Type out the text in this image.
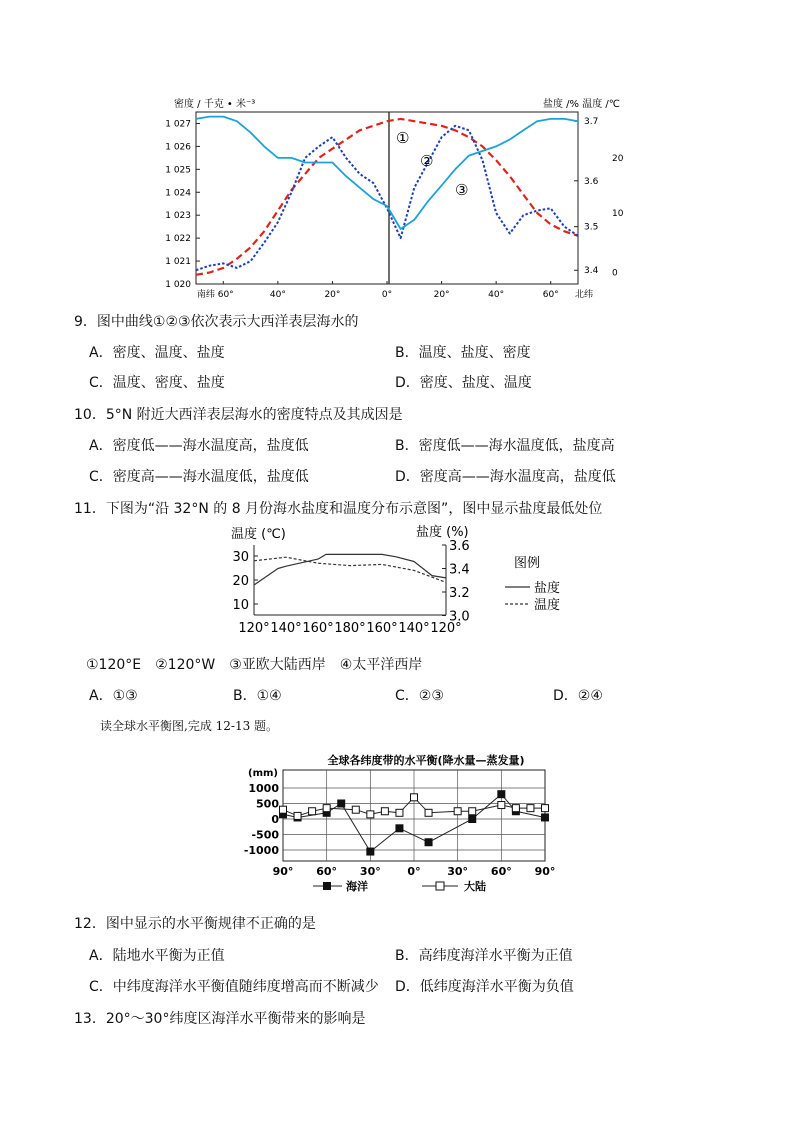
密度 / 千克 • 米⁻³	盐度 /% 温度 /℃
1 027
1 026
1 025
1 024
1 023
1 022
1 021
1 020
3.7
3.6
3.5
3.4
20
10
0
南纬 60°	40°	20°	0°	20°	40°	60° 北纬
①
②
③
9．图中曲线①②③依次表示大西洋表层海水的
A．密度、温度、盐度	B．温度、盐度、密度
C．温度、密度、盐度	D．密度、盐度、温度
10．5°N 附近大西洋表层海水的密度特点及其成因是
A．密度低——海水温度高，盐度低	B．密度低——海水温度低，盐度高
C．密度高——海水温度低，盐度低	D．密度高——海水温度高，盐度低
11．下图为“沿 32°N 的 8 月份海水盐度和温度分布示意图”，图中显示盐度最低处位
温度 (℃)	盐度 (%)
30
20
10
3.6
3.4
3.2
3.0
120° 140° 160° 180° 160° 140° 120°
图例
盐度
温度
①120°E　②120°W　③亚欧大陆西岸　④太平洋西岸
A．①③	B．①④	C．②③	D．②④
读全球水平衡图,完成 12-13 题。
全球各纬度带的水平衡(降水量—蒸发量)
(mm)
1000
500
0
-500
-1000
90° 60° 30° 0° 30° 60° 90°
海洋	大陆
12．图中显示的水平衡规律不正确的是
A．陆地水平衡为正值	B．高纬度海洋水平衡为正值
C．中纬度海洋水平衡值随纬度增高而不断减少 D．低纬度海洋水平衡为负值
13．20°～30°纬度区海洋水平衡带来的影响是
